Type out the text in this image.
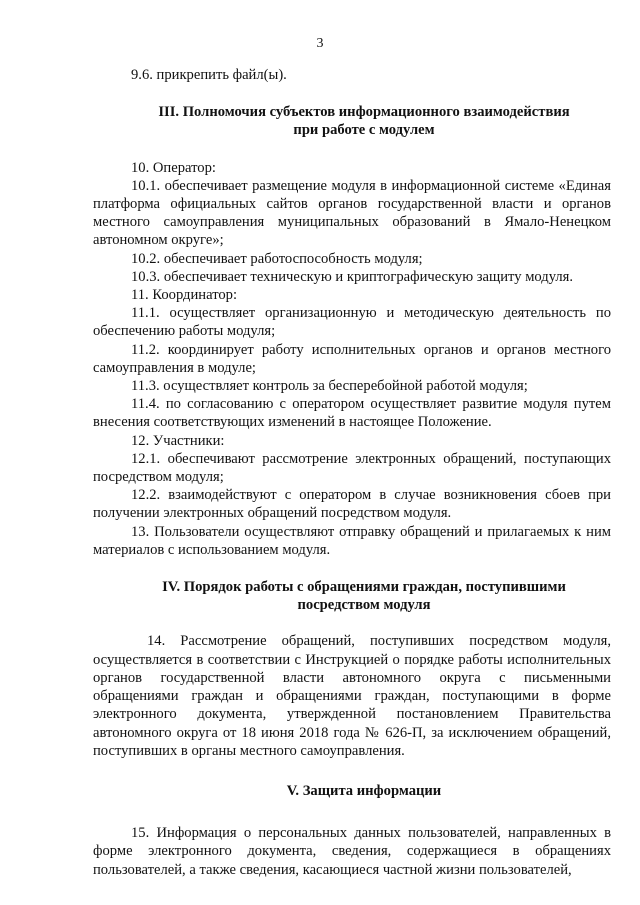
3

9.6. прикрепить файл(ы).

III. Полномочия субъектов информационного взаимодействия
при работе с модулем

10. Оператор:

10.1. обеспечивает размещение модуля в информационной системе «Единая платформа официальных сайтов органов государственной власти и органов местного самоуправления муниципальных образований в Ямало-Ненецком автономном округе»;

10.2. обеспечивает работоспособность модуля;

10.3. обеспечивает техническую и криптографическую защиту модуля.

11. Координатор:

11.1. осуществляет организационную и методическую деятельность по обеспечению работы модуля;

11.2. координирует работу исполнительных органов и органов местного самоуправления в модуле;

11.3. осуществляет контроль за бесперебойной работой модуля;

11.4. по согласованию с оператором осуществляет развитие модуля путем внесения соответствующих изменений в настоящее Положение.

12. Участники:

12.1. обеспечивают рассмотрение электронных обращений, поступающих посредством модуля;

12.2. взаимодействуют с оператором в случае возникновения сбоев при получении электронных обращений посредством модуля.

13. Пользователи осуществляют отправку обращений и прилагаемых к ним материалов с использованием модуля.

IV. Порядок работы с обращениями граждан, поступившими
посредством модуля

14. Рассмотрение обращений, поступивших посредством модуля, осуществляется в соответствии с Инструкцией о порядке работы исполнительных органов государственной власти автономного округа с письменными обращениями граждан и обращениями граждан, поступающими в форме электронного документа, утвержденной постановлением Правительства автономного округа от 18 июня 2018 года № 626-П, за исключением обращений, поступивших в органы местного самоуправления.

V. Защита информации

15. Информация о персональных данных пользователей, направленных в форме электронного документа, сведения, содержащиеся в обращениях пользователей, а также сведения, касающиеся частной жизни пользователей,
